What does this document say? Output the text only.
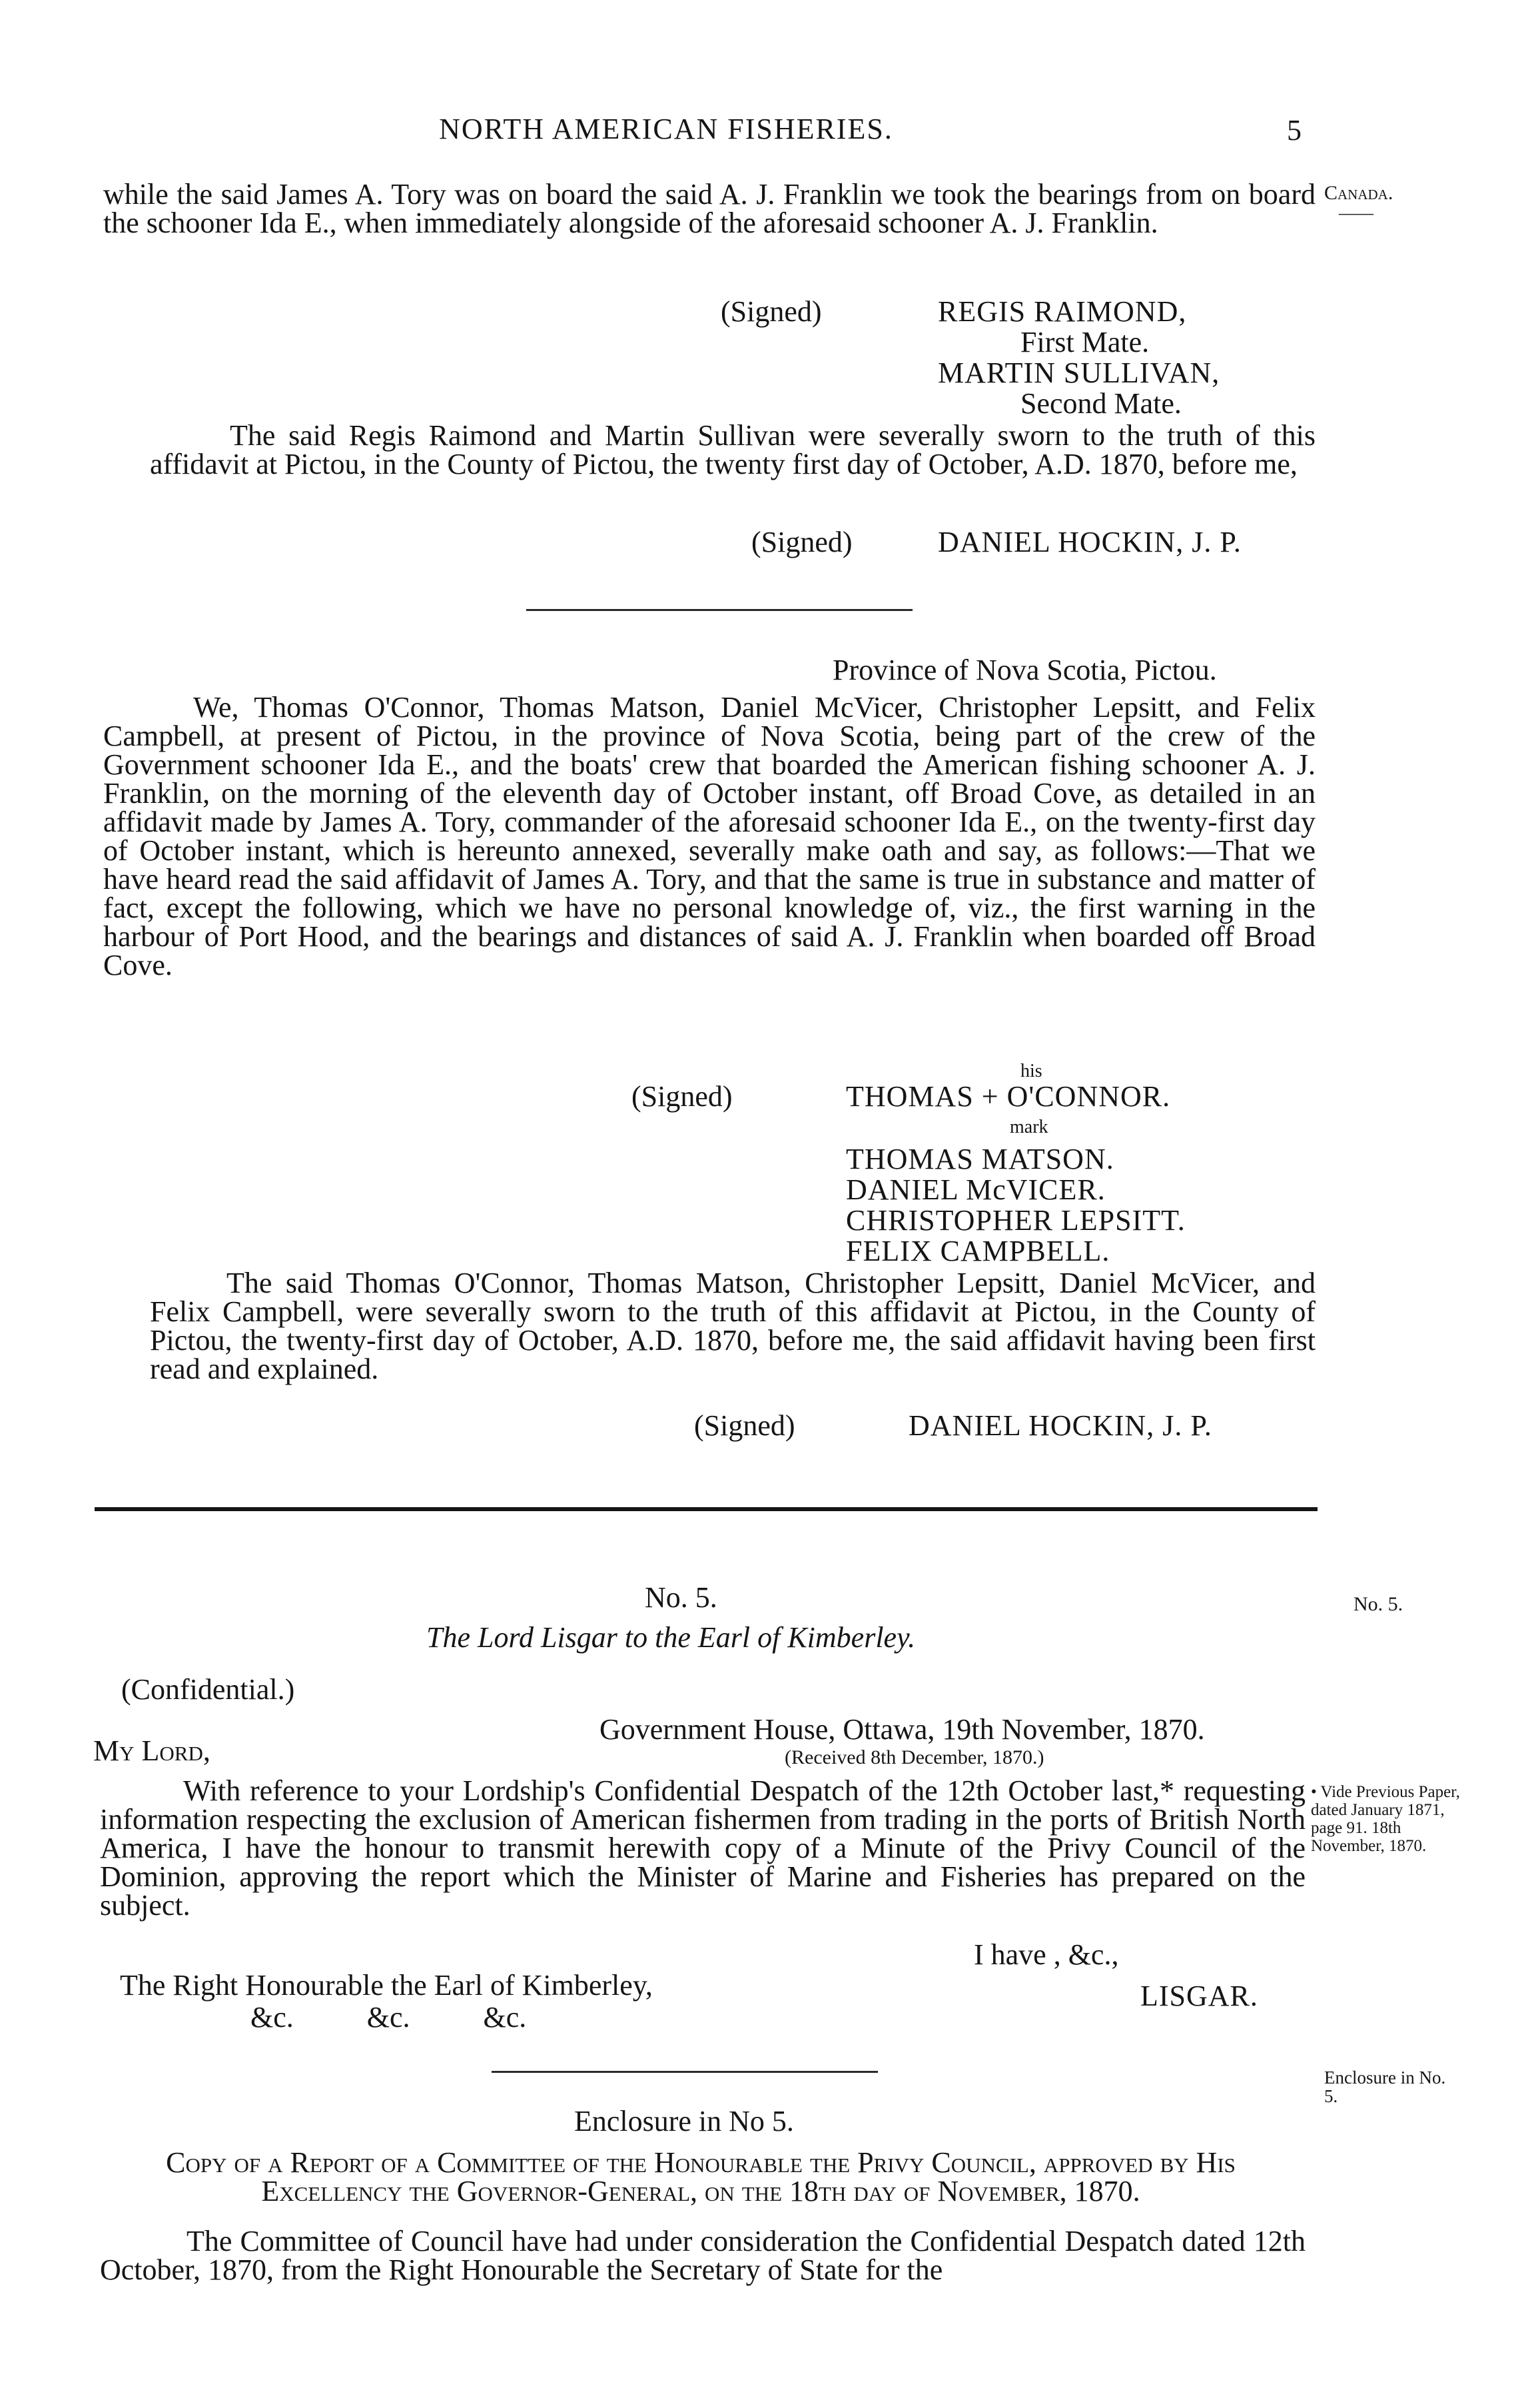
NORTH AMERICAN FISHERIES.	5
Canada.
——
No. 5.
• Vide Previous Paper, dated January 1871, page 91. 18th November, 1870.
Enclosure in No. 5.
while the said James A. Tory was on board the said A. J. Franklin we took the bearings from on board the schooner Ida E., when immediately alongside of the aforesaid schooner A. J. Franklin.
(Signed)	REGIS RAIMOND,
First Mate.
MARTIN SULLIVAN,
Second Mate.
The said Regis Raimond and Martin Sullivan were severally sworn to the truth of this affidavit at Pictou, in the County of Pictou, the twenty first day of October, A.D. 1870, before me,
(Signed)	DANIEL HOCKIN, J. P.
Province of Nova Scotia, Pictou.
We, Thomas O'Connor, Thomas Matson, Daniel McVicer, Christopher Lepsitt, and Felix Campbell, at present of Pictou, in the province of Nova Scotia, being part of the crew of the Government schooner Ida E., and the boats' crew that boarded the American fishing schooner A. J. Franklin, on the morning of the eleventh day of October instant, off Broad Cove, as detailed in an affidavit made by James A. Tory, commander of the aforesaid schooner Ida E., on the twenty-first day of October instant, which is hereunto annexed, severally make oath and say, as follows:—That we have heard read the said affidavit of James A. Tory, and that the same is true in substance and matter of fact, except the following, which we have no personal knowledge of, viz., the first warning in the harbour of Port Hood, and the bearings and distances of said A. J. Franklin when boarded off Broad Cove.
his
(Signed)	THOMAS + O'CONNOR.
mark
THOMAS MATSON.
DANIEL McVICER.
CHRISTOPHER LEPSITT.
FELIX CAMPBELL.
The said Thomas O'Connor, Thomas Matson, Christopher Lepsitt, Daniel McVicer, and Felix Campbell, were severally sworn to the truth of this affidavit at Pictou, in the County of Pictou, the twenty-first day of October, A.D. 1870, before me, the said affidavit having been first read and explained.
(Signed)	DANIEL HOCKIN, J. P.
No. 5.
The Lord Lisgar to the Earl of Kimberley.
(Confidential.)
Government House, Ottawa, 19th November, 1870.
My Lord,	(Received 8th December, 1870.)
With reference to your Lordship's Confidential Despatch of the 12th October last,* requesting information respecting the exclusion of American fishermen from trading in the ports of British North America, I have the honour to transmit herewith copy of a Minute of the Privy Council of the Dominion, approving the report which the Minister of Marine and Fisheries has prepared on the subject.
I have , &c.,
The Right Honourable the Earl of Kimberley,	LISGAR.
&c.          &c.          &c.
Enclosure in No 5.
Copy of a Report of a Committee of the Honourable the Privy Council, approved by His Excellency the Governor-General, on the 18th day of November, 1870.
The Committee of Council have had under consideration the Confidential Despatch dated 12th October, 1870, from the Right Honourable the Secretary of State for the
